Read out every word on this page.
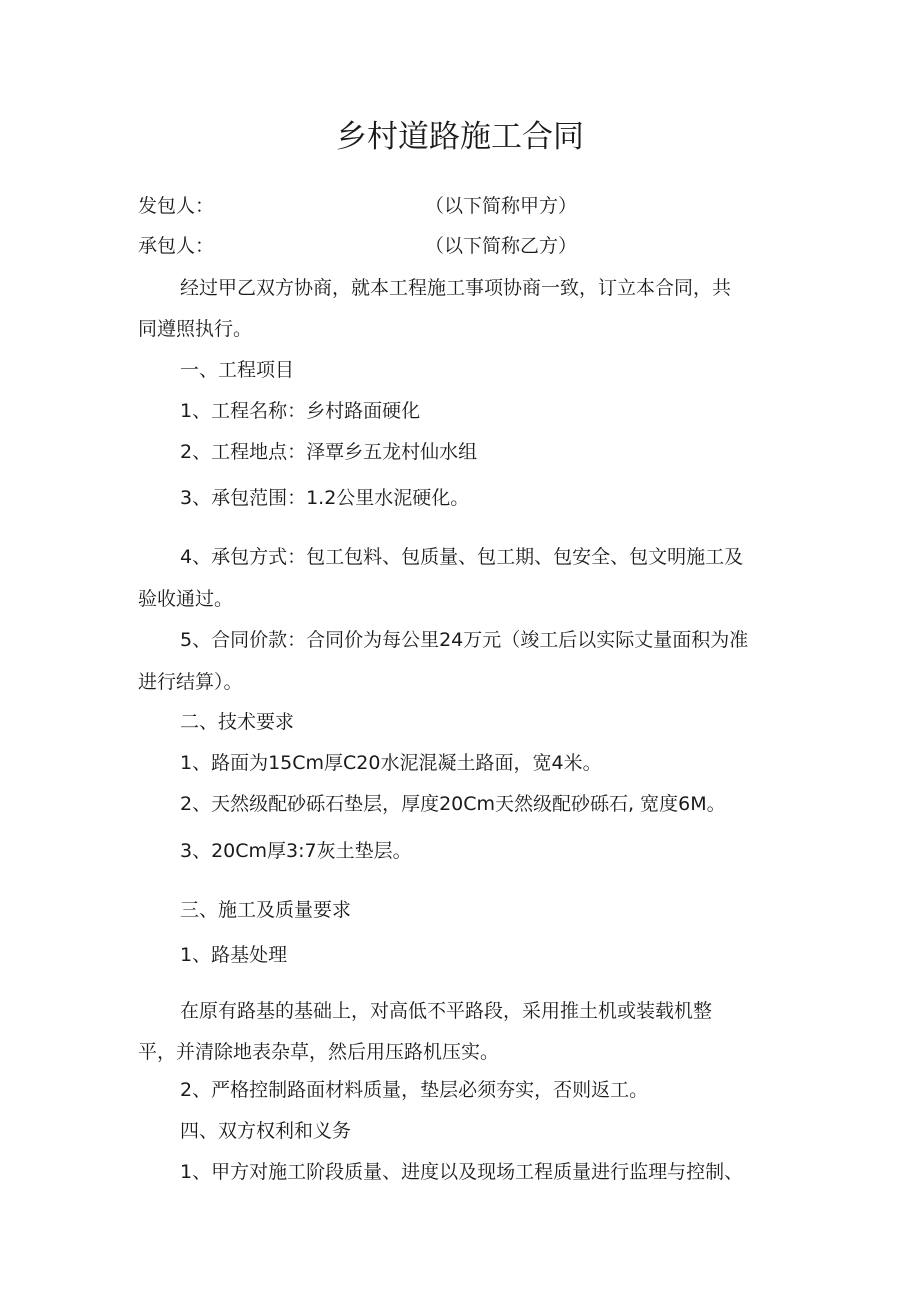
乡村道路施工合同
发包人：	（以下简称甲方）
承包人：	（以下简称乙方）
经过甲乙双方协商，就本工程施工事项协商一致，订立本合同，共
同遵照执行。
一、工程项目
1、工程名称：乡村路面硬化
2、工程地点：泽覃乡五龙村仙水组
3、承包范围：1.2公里水泥硬化。
4、承包方式：包工包料、包质量、包工期、包安全、包文明施工及
验收通过。
5、合同价款：合同价为每公里24万元（竣工后以实际丈量面积为准
进行结算）。
二、技术要求
1、路面为15Cm厚C20水泥混凝土路面，宽4米。
2、天然级配砂砾石垫层，厚度20Cm天然级配砂砾石, 宽度6M。
3、20Cm厚3:7灰土垫层。
三、施工及质量要求
1、路基处理
在原有路基的基础上，对高低不平路段，采用推土机或装载机整
平，并清除地表杂草，然后用压路机压实。
2、严格控制路面材料质量，垫层必须夯实，否则返工。
四、双方权利和义务
1、甲方对施工阶段质量、进度以及现场工程质量进行监理与控制、
